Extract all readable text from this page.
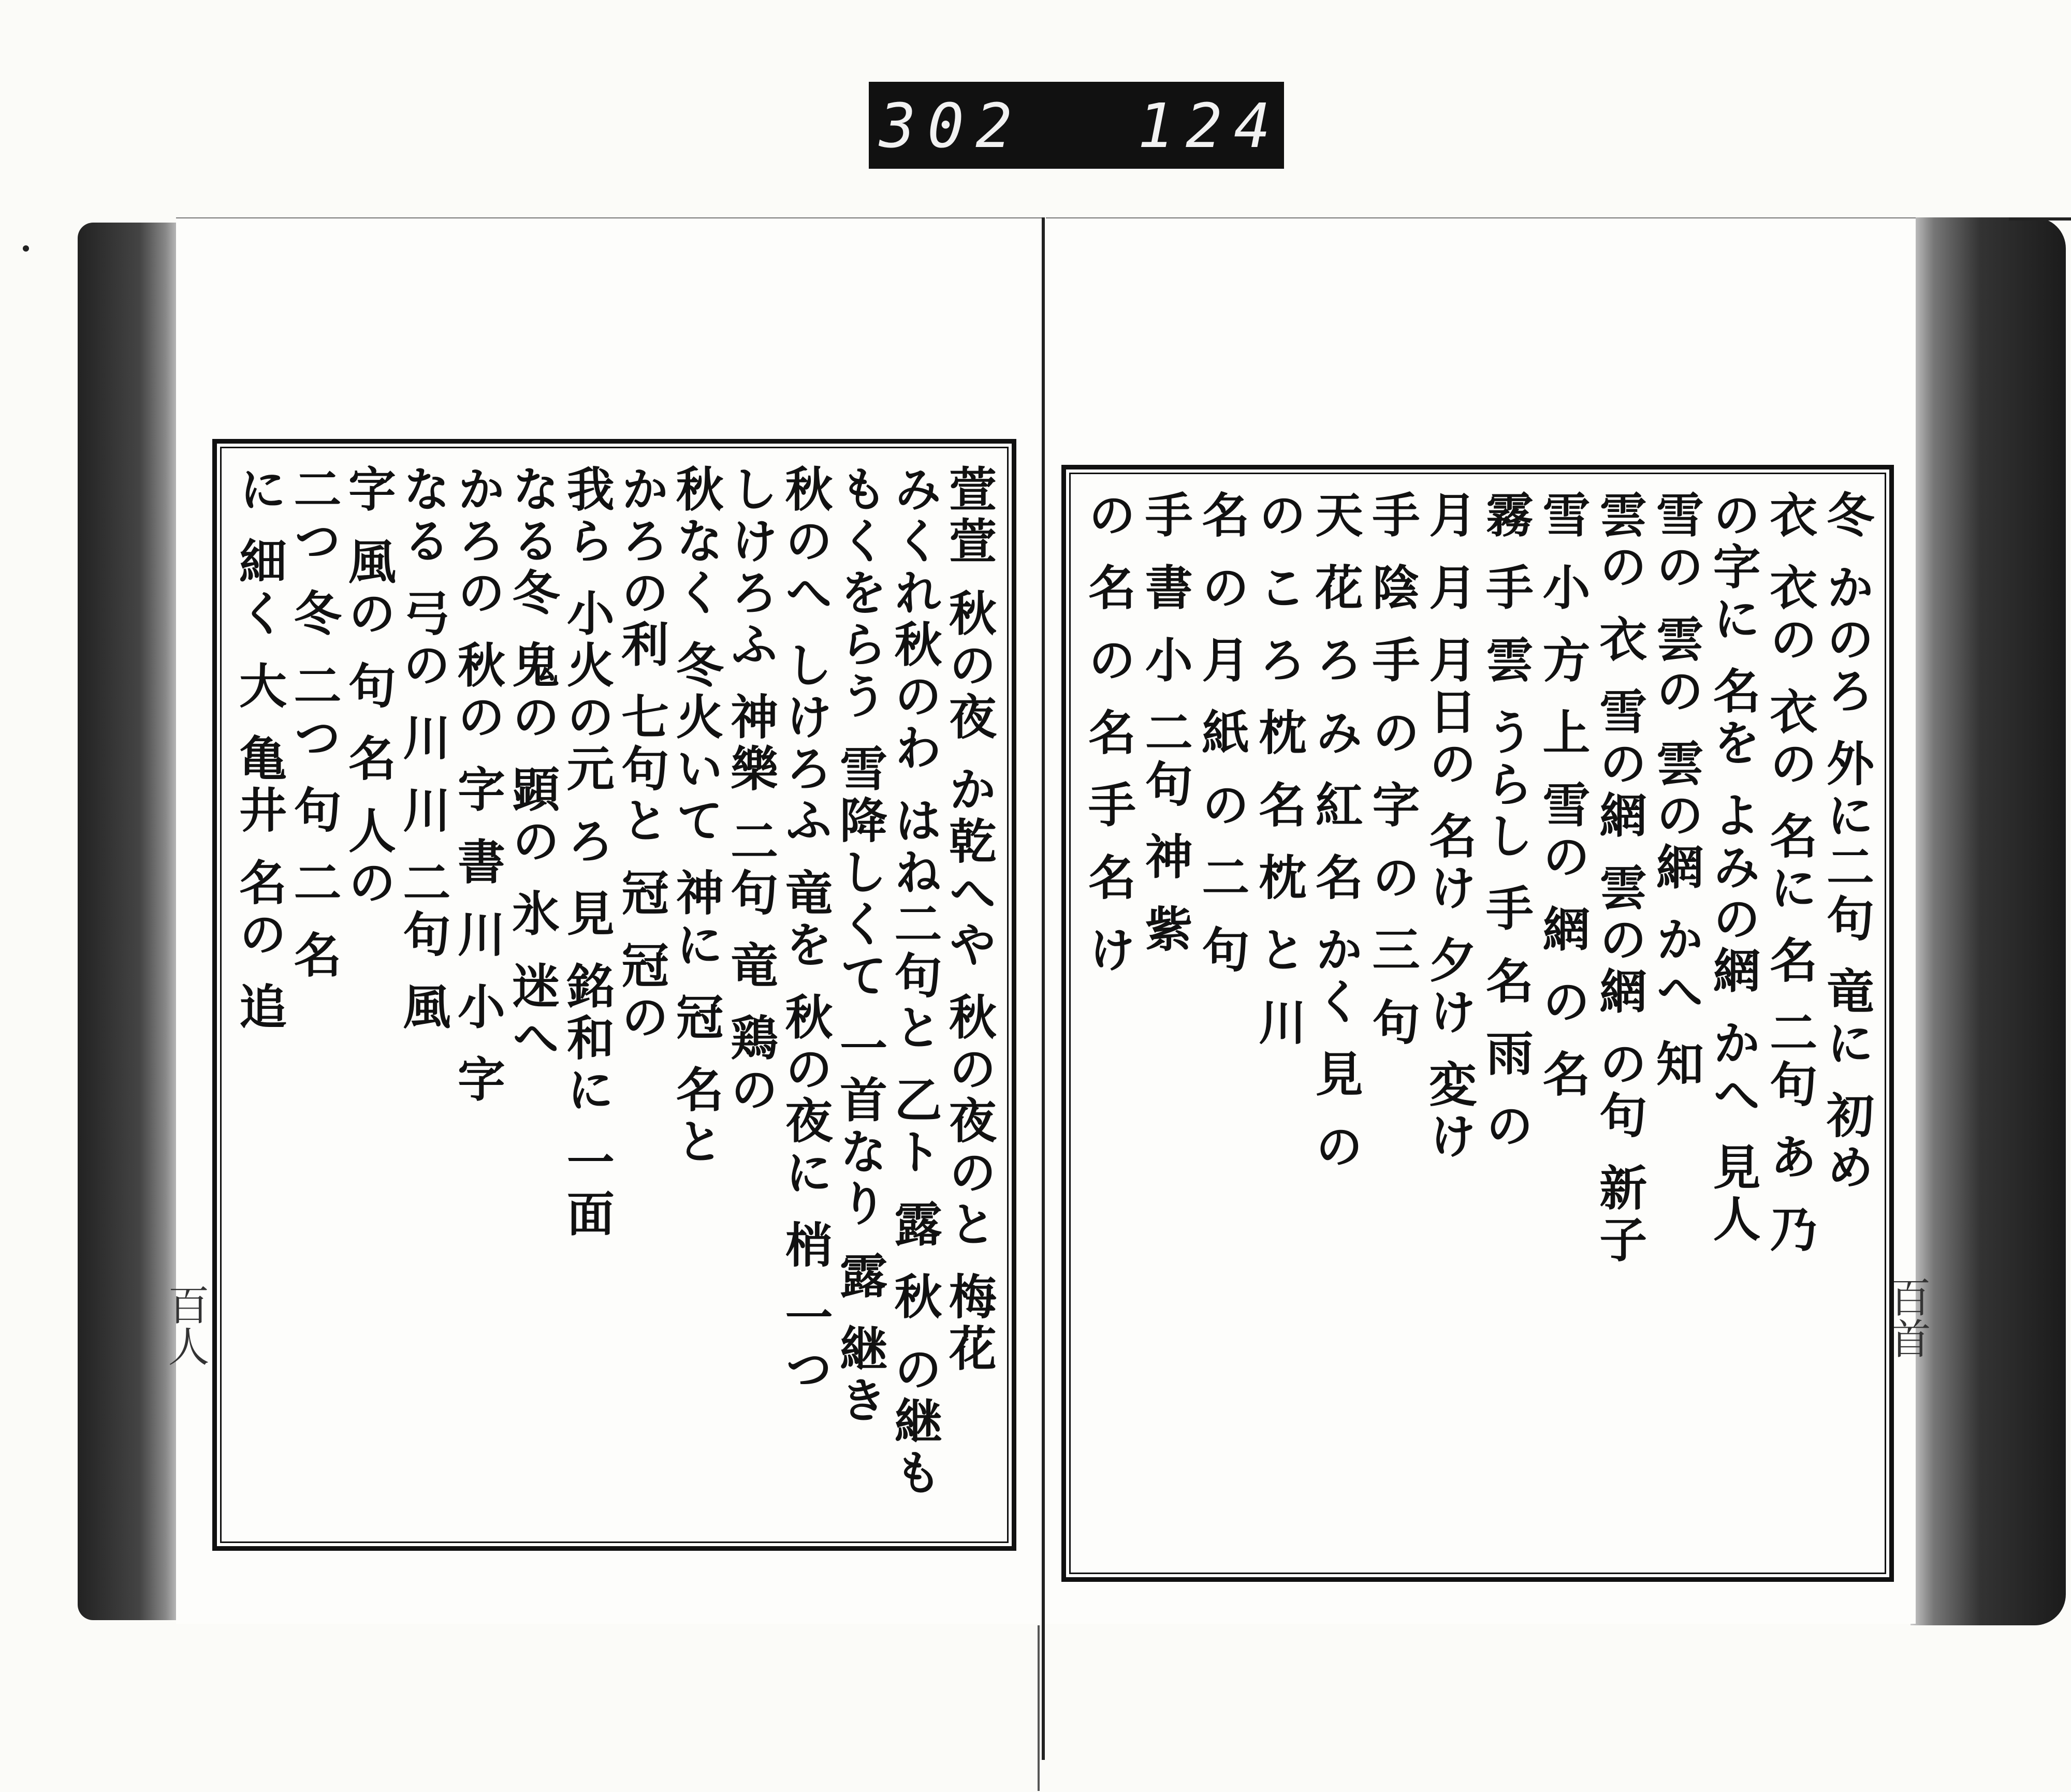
302 124
百人	百首
萱萱 秋の夜 か乾へや 秋の夜のと 梅花
みくれ秋のわ はね二句と 乙ト 露 秋 の継も
もくをらう 雪降しくて 一首なり 露 継き
秋のへ しけろふ 竜を 秋の夜に 梢 一つ
しけろふ 神樂 二句 竜 鶏の
秋なく 冬火いて 神に 冠 名と
かろの利 七句と 冠 冠の
我ら 小火の元 ろ 見 銘和に 一面
なる冬 鬼の 顕の 氷 迷へ
かろの 秋の 字 書 川 小 字
なる 弓の 川 川 二句 風
字 風の 句 名 人の
二つ 冬 二つ 句 二 名
に 細く 大 亀井 名の 追	冬 かのろ 外に二句 竜に 初め
衣 衣の 衣の 名に 名 二句 あ 乃
の字に 名を よみの網 かへ 見人
雪の 雲の 雲の網 かへ 知
雲の 衣 雪の網 雲の網 の句 新子
雪 小 方 上 雪の 網 の 名
霧 手 雲 うらし 手 名 雨 の
月 月 月日の 名け 夕け 変け
手 陰 手 の 字 の 三 句
天 花 ろ み 紅 名 かく 見 の
の こ ろ 枕 名 枕 と 川
名 の 月 紙 の 二 句
手 書 小 二句 神 紫
の 名 の 名 手 名 け
